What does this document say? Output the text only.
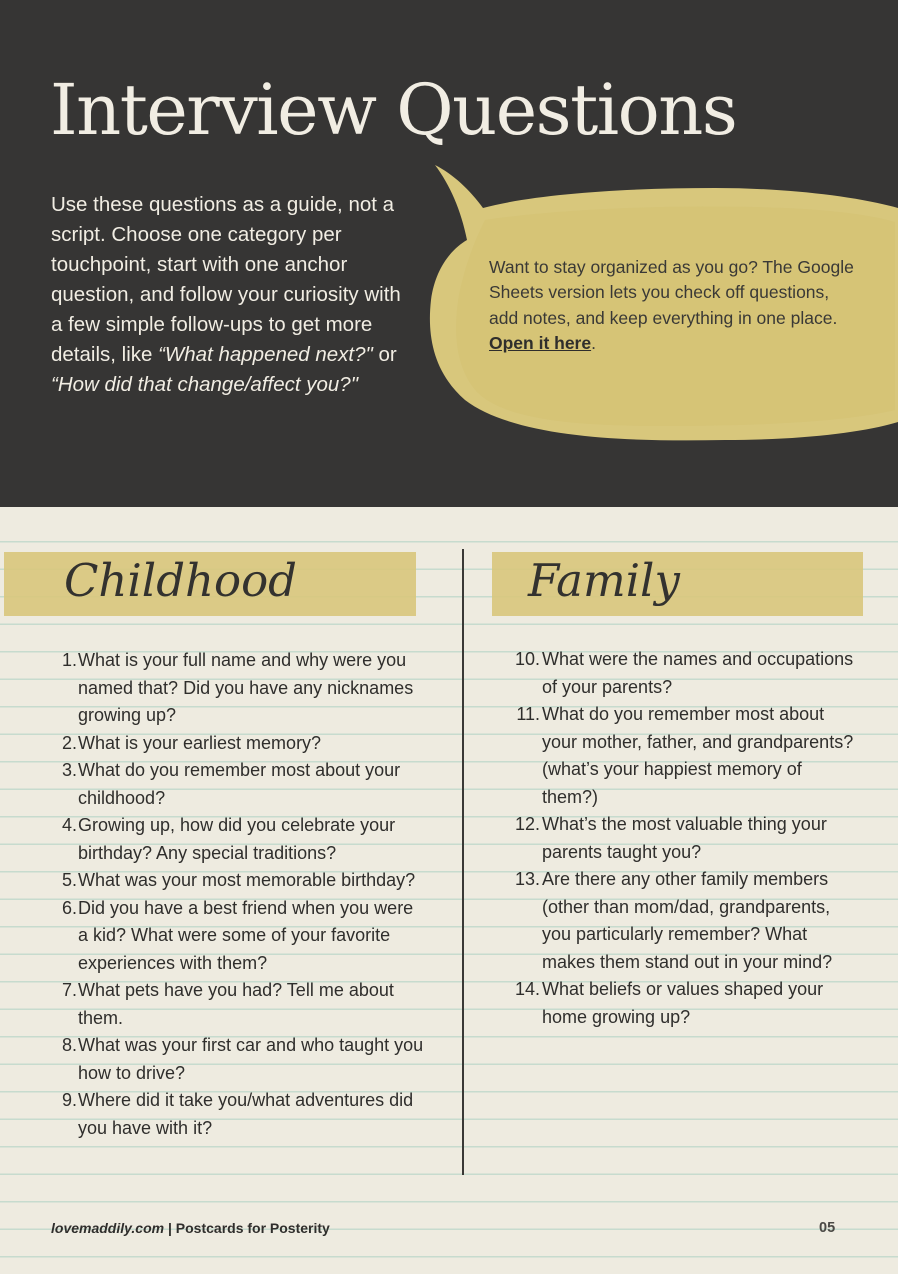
Interview Questions

Use these questions as a guide, not a script. Choose one category per touchpoint, start with one anchor question, and follow your curiosity with a few simple follow-ups to get more details, like “What happened next?" or “How did that change/affect you?"

Want to stay organized as you go? The Google Sheets version lets you check off questions, add notes, and keep everything in one place. Open it here.

Childhood	Family
1. What is your full name and why were you named that? Did you have any nicknames growing up?
2. What is your earliest memory?
3. What do you remember most about your childhood?
4. Growing up, how did you celebrate your birthday? Any special traditions?
5. What was your most memorable birthday?
6. Did you have a best friend when you were a kid? What were some of your favorite experiences with them?
7. What pets have you had? Tell me about them.
8. What was your first car and who taught you how to drive?
9. Where did it take you/what adventures did you have with it?
10. What were the names and occupations of your parents?
11. What do you remember most about your mother, father, and grandparents? (what’s your happiest memory of them?)
12. What’s the most valuable thing your parents taught you?
13. Are there any other family members (other than mom/dad, grandparents, you particularly remember? What makes them stand out in your mind?
14. What beliefs or values shaped your home growing up?
lovemaddily.com | Postcards for Posterity	05
